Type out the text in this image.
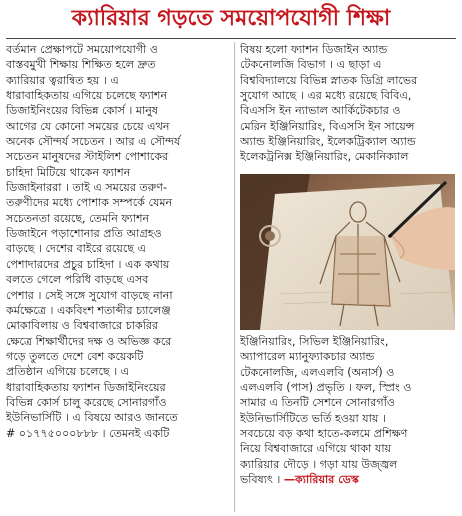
ক্যারিয়ার গড়তে সময়োপযোগী শিক্ষা
বর্তমান প্রেক্ষাপটে সময়োপযোগী ও
বাস্তবমুখী শিক্ষায় শিক্ষিত হলে দ্রুত
ক্যারিয়ার ত্বরান্বিত হয় । এ
ধারাবাহিকতায় এগিয়ে চলেছে ফ্যাশন
ডিজাইনিংয়ের বিভিন্ন কোর্স । মানুষ
আগের যে কোনো সময়ের চেয়ে এখন
অনেক সৌন্দর্য সচেতন । আর এ সৌন্দর্য
সচেতন মানুষদের স্টাইলিশ পোশাকের
চাহিদা মিটিয়ে থাকেন ফ্যাশন
ডিজাইনাররা । তাই এ সময়ের তরুণ-
তরুণীদের মধ্যে পোশাক সম্পর্কে যেমন
সচেতনতা রয়েছে, তেমনি ফ্যাশন
ডিজাইনে পড়াশোনার প্রতি আগ্রহও
বাড়ছে । দেশের বাইরে রয়েছে এ
পেশাদারদের প্রচুর চাহিদা । এক কথায়
বলতে গেলে পরিধি বাড়ছে এসব
পেশার । সেই সঙ্গে সুযোগ বাড়ছে নানা
কর্মক্ষেত্রে । একবিংশ শতাব্দীর চ্যালেঞ্জ
মোকাবিলায় ও বিশ্ববাজারে চাকরির
ক্ষেত্রে শিক্ষার্থীদের দক্ষ ও অভিজ্ঞ করে
গড়ে তুলতে দেশে বেশ কয়েকটি
প্রতিষ্ঠান এগিয়ে চলেছে । এ
ধারাবাহিকতায় ফ্যাশন ডিজাইনিংয়ের
বিভিন্ন কোর্স চালু করেছে সোনারগাঁও
ইউনিভার্সিটি । এ বিষয়ে আরও জানতে
# ০১৭৭৫০০০৮৮৮ । তেমনই একটি
বিষয় হলো ফ্যাশন ডিজাইন অ্যান্ড
টেকনোলজি বিভাগ । এ ছাড়া এ
বিশ্ববিদ্যালয়ে বিভিন্ন স্নাতক ডিগ্রি লাভের
সুযোগ আছে । এর মধ্যে রয়েছে বিবিএ,
বিএসসি ইন ন্যাভাল আর্কিটেকচার ও
মেরিন ইঞ্জিনিয়ারিং, বিএসসি ইন সায়েন্স
অ্যান্ড ইঞ্জিনিয়ারিং, ইলেকট্রিক্যাল অ্যান্ড
ইলেকট্রনিক্স ইঞ্জিনিয়ারিং, মেকানিক্যাল
ইঞ্জিনিয়ারিং, সিভিল ইঞ্জিনিয়ারিং,
অ্যাপারেল ম্যানুফ্যাকচার অ্যান্ড
টেকনোলজি, এলএলবি (অনার্স) ও
এলএলবি (পাস) প্রভৃতি । ফল, স্প্রিং ও
সামার এ তিনটি সেশনে সোনারগাঁও
ইউনিভার্সিটিতে ভর্তি হওয়া যায় ।
সবচেয়ে বড় কথা হাতে-কলমে প্রশিক্ষণ
নিয়ে বিশ্ববাজারে এগিয়ে থাকা যায়
ক্যারিয়ার দৌড়ে । গড়া যায় উজ্জ্বল
ভবিষ্যৎ । —ক্যারিয়ার ডেস্ক
